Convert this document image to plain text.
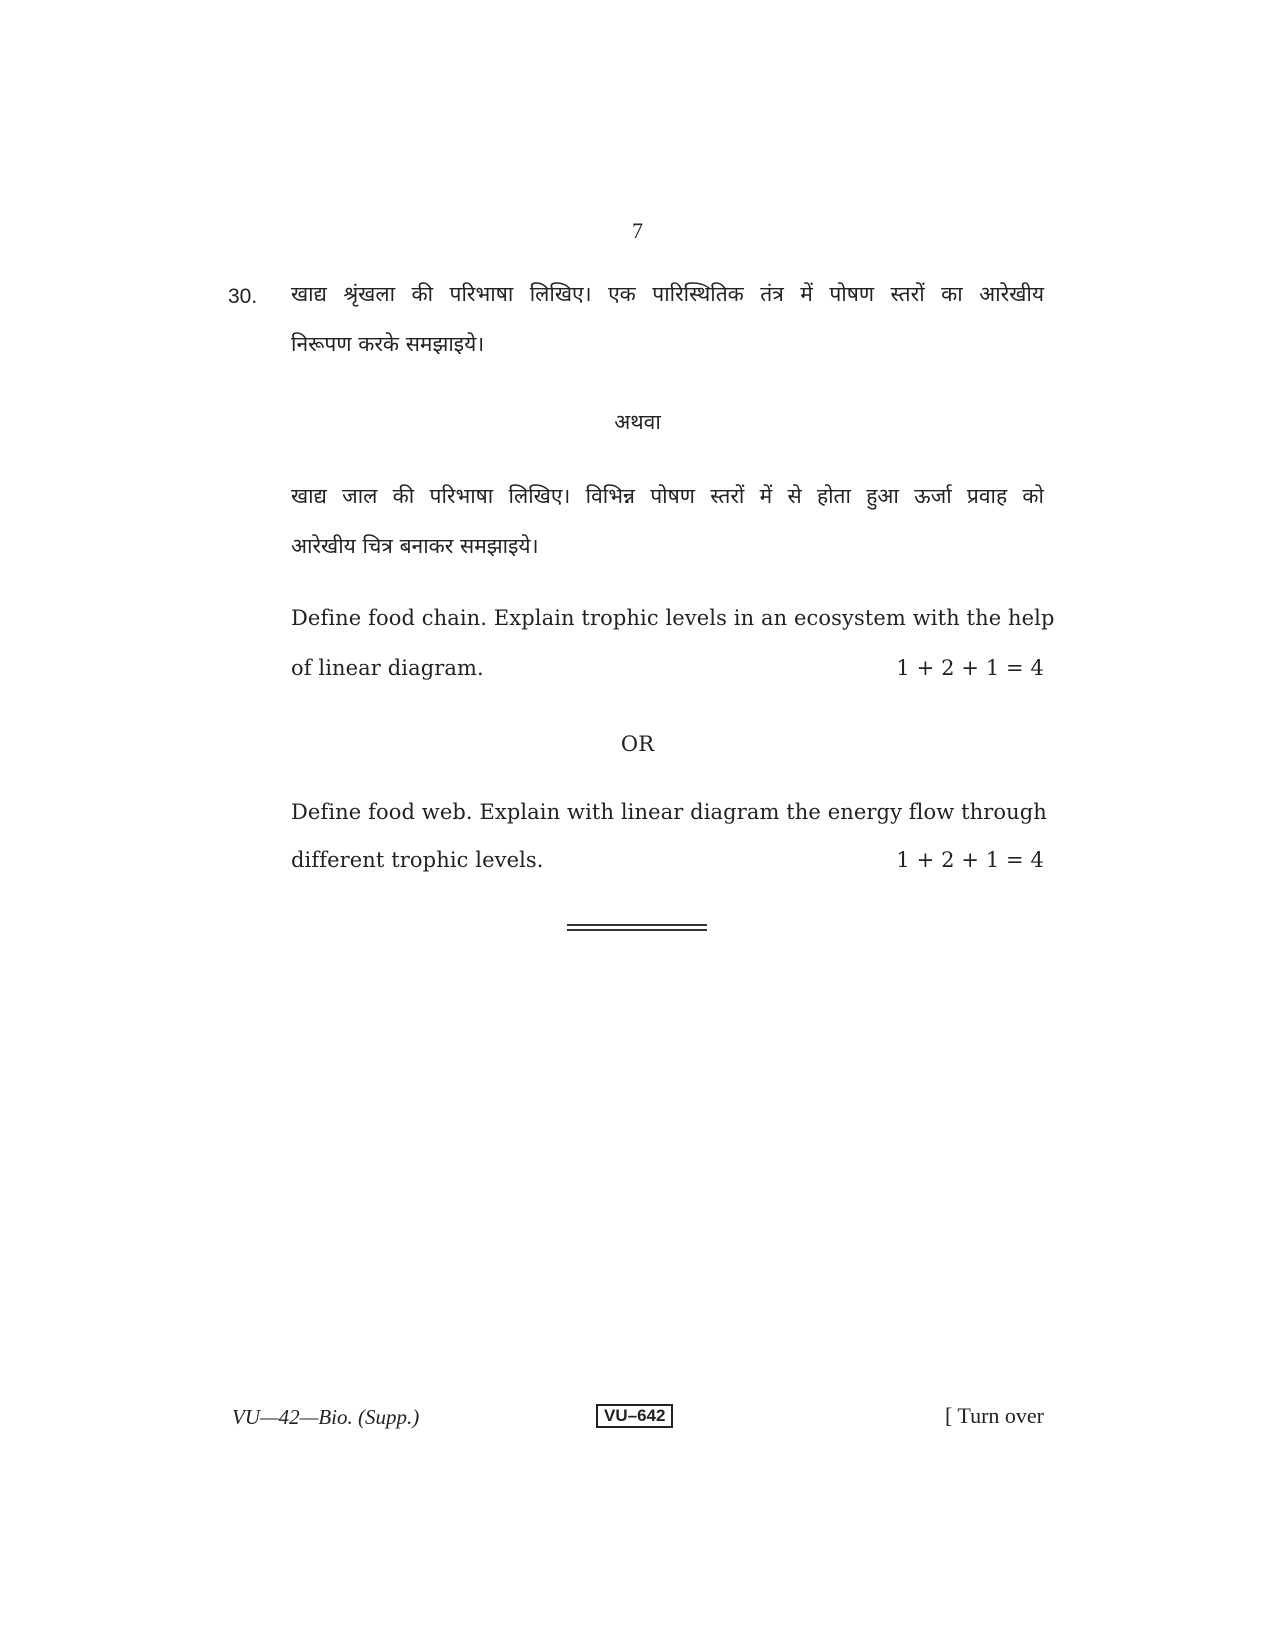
7
30. खाद्य श्रृंखला की परिभाषा लिखिए। एक पारिस्थितिक तंत्र में पोषण स्तरों का आरेखीय
निरूपण करके समझाइये।
अथवा
खाद्य जाल की परिभाषा लिखिए। विभिन्न पोषण स्तरों में से होता हुआ ऊर्जा प्रवाह को
आरेखीय चित्र बनाकर समझाइये।
Define food chain. Explain trophic levels in an ecosystem with the help
of linear diagram.	1 + 2 + 1 = 4
OR
Define food web. Explain with linear diagram the energy flow through
different trophic levels.	1 + 2 + 1 = 4
VU—42—Bio. (Supp.)	VU–642	[ Turn over
